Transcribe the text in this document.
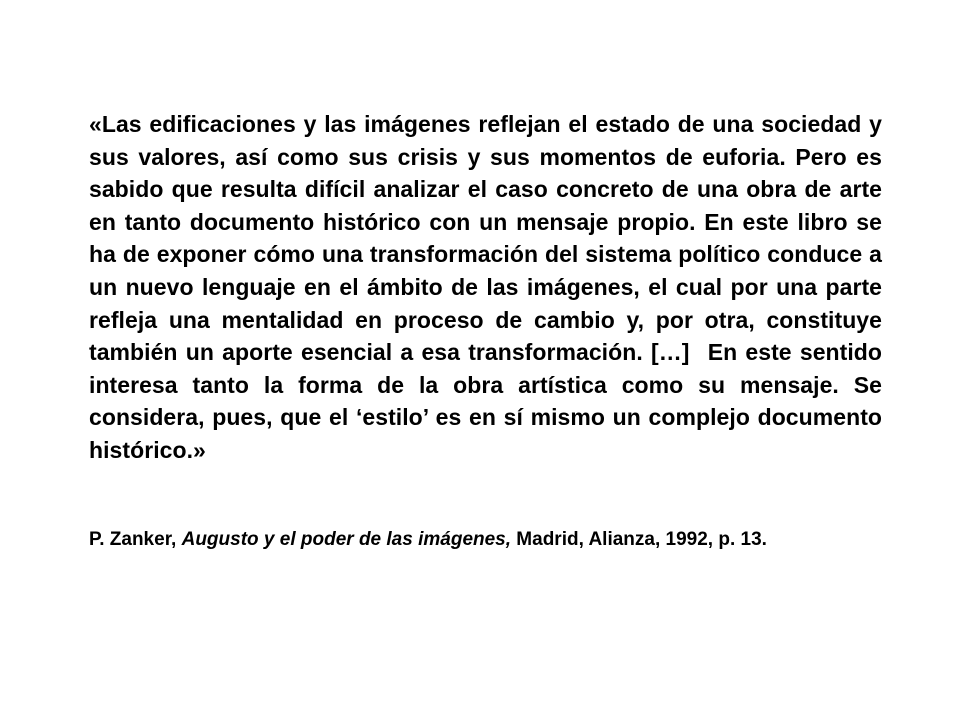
«Las edificaciones y las imágenes reflejan el estado de una sociedad y sus valores, así como sus crisis y sus momentos de euforia. Pero es sabido que resulta difícil analizar el caso concreto de una obra de arte en tanto documento histórico con un mensaje propio. En este libro se ha de exponer cómo una transformación del sistema político conduce a un nuevo lenguaje en el ámbito de las imágenes, el cual por una parte refleja una mentalidad en proceso de cambio y, por otra, constituye también un aporte esencial a esa transformación. […] En este sentido interesa tanto la forma de la obra artística como su mensaje. Se considera, pues, que el ‘estilo’ es en sí mismo un complejo documento histórico.»

P. Zanker, Augusto y el poder de las imágenes, Madrid, Alianza, 1992, p. 13.
